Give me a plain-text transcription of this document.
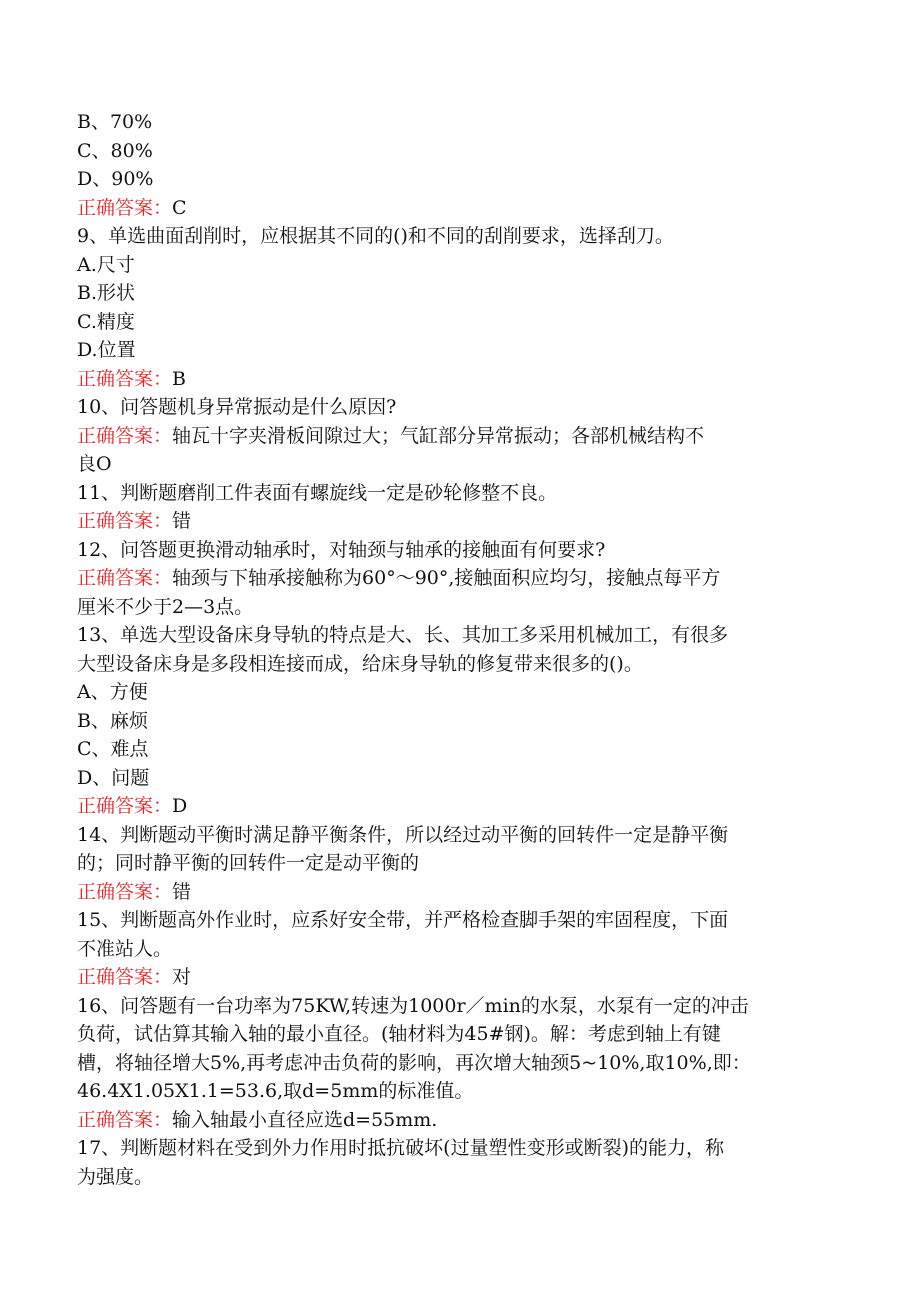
B、70%
C、80%
D、90%
正确答案：C
9、单选曲面刮削时，应根据其不同的()和不同的刮削要求，选择刮刀。
A.尺寸
B.形状
C.精度
D.位置
正确答案：B
10、问答题机身异常振动是什么原因?
正确答案：轴瓦十字夹滑板间隙过大；气缸部分异常振动；各部机械结构不
良O
11、判断题磨削工件表面有螺旋线一定是砂轮修整不良。
正确答案：错
12、问答题更换滑动轴承时，对轴颈与轴承的接触面有何要求?
正确答案：轴颈与下轴承接触称为60°～90°,接触面积应均匀，接触点每平方
厘米不少于2—3点。
13、单选大型设备床身导轨的特点是大、长、其加工多采用机械加工，有很多
大型设备床身是多段相连接而成，给床身导轨的修复带来很多的()。
A、方便
B、麻烦
C、难点
D、问题
正确答案：D
14、判断题动平衡时满足静平衡条件，所以经过动平衡的回转件一定是静平衡
的；同时静平衡的回转件一定是动平衡的
正确答案：错
15、判断题高外作业时，应系好安全带，并严格检查脚手架的牢固程度，下面
不准站人。
正确答案：对
16、问答题有一台功率为75KW,转速为1000r／min的水泵，水泵有一定的冲击
负荷，试估算其输入轴的最小直径。(轴材料为45#钢)。解：考虑到轴上有键
槽，将轴径增大5%,再考虑冲击负荷的影响，再次增大轴颈5~10%,取10%,即：
46.4X1.05X1.1=53.6,取d=5mm的标准值。
正确答案：输入轴最小直径应选d=55mm.
17、判断题材料在受到外力作用时抵抗破坏(过量塑性变形或断裂)的能力，称
为强度。
